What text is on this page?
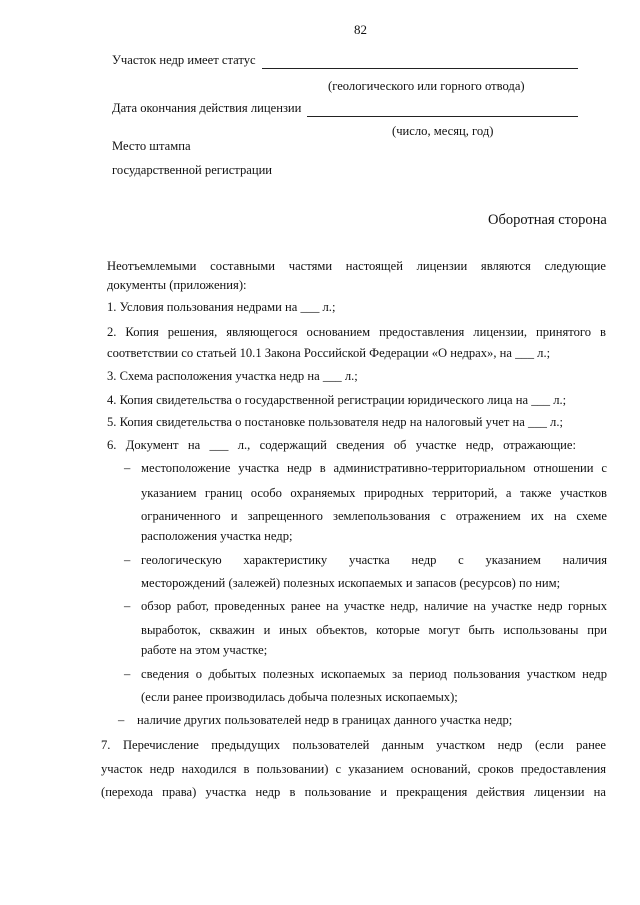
82
Участок недр имеет статус
(геологического или горного отвода)
Дата окончания действия лицензии
(число, месяц, год)
Место штампа
государственной регистрации
Оборотная сторона
Неотъемлемыми составными частями настоящей лицензии являются следующие
документы (приложения):
1. Условия пользования недрами на ___ л.;
2. Копия решения, являющегося основанием предоставления лицензии, принятого в
соответствии со статьей 10.1 Закона Российской Федерации «О недрах», на ___ л.;
3. Схема расположения участка недр на ___ л.;
4. Копия свидетельства о государственной регистрации юридического лица на ___ л.;
5. Копия свидетельства о постановке пользователя недр на налоговый учет на ___ л.;
6. Документ на ___ л., содержащий сведения об участке недр, отражающие:
– местоположение участка недр в административно-территориальном отношении с
указанием границ особо охраняемых природных территорий, а также участков
ограниченного и запрещенного землепользования с отражением их на схеме
расположения участка недр;
– геологическую характеристику участка недр с указанием наличия
месторождений (залежей) полезных ископаемых и запасов (ресурсов) по ним;
– обзор работ, проведенных ранее на участке недр, наличие на участке недр горных
выработок, скважин и иных объектов, которые могут быть использованы при
работе на этом участке;
– сведения о добытых полезных ископаемых за период пользования участком недр
(если ранее производилась добыча полезных ископаемых);
– наличие других пользователей недр в границах данного участка недр;
7. Перечисление предыдущих пользователей данным участком недр (если ранее
участок недр находился в пользовании) с указанием оснований, сроков предоставления
(перехода права) участка недр в пользование и прекращения действия лицензии на
